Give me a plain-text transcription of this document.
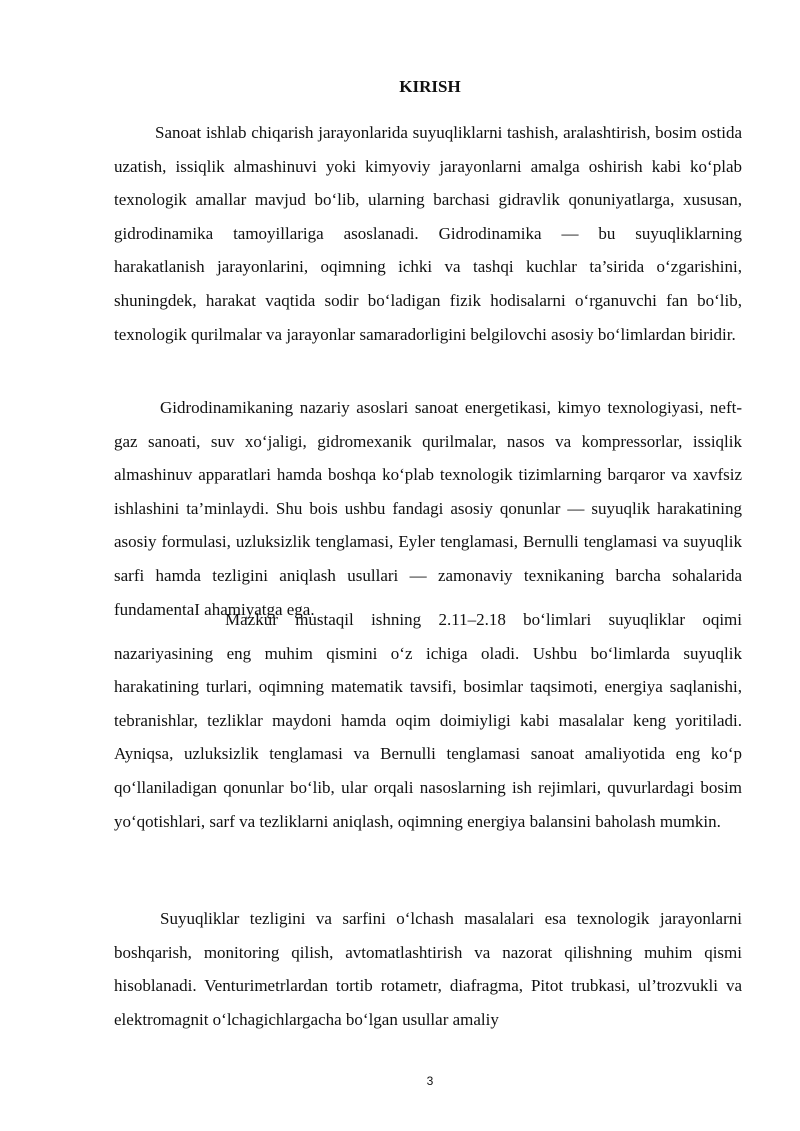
KIRISH

Sanoat ishlab chiqarish jarayonlarida suyuqliklarni tashish, aralashtirish, bosim ostida uzatish, issiqlik almashinuvi yoki kimyoviy jarayonlarni amalga oshirish kabi ko‘plab texnologik amallar mavjud bo‘lib, ularning barchasi gidravlik qonuniyatlarga, xususan, gidrodinamika tamoyillariga asoslanadi. Gidrodinamika — bu suyuqliklarning harakatlanish jarayonlarini, oqimning ichki va tashqi kuchlar ta’sirida o‘zgarishini, shuningdek, harakat vaqtida sodir bo‘ladigan fizik hodisalarni o‘rganuvchi fan bo‘lib, texnologik qurilmalar va jarayonlar samaradorligini belgilovchi asosiy bo‘limlardan biridir.

Gidrodinamikaning nazariy asoslari sanoat energetikasi, kimyo texnologiyasi, neft-gaz sanoati, suv xo‘jaligi, gidromexanik qurilmalar, nasos va kompressorlar, issiqlik almashinuv apparatlari hamda boshqa ko‘plab texnologik tizimlarning barqaror va xavfsiz ishlashini ta’minlaydi. Shu bois ushbu fandagi asosiy qonunlar — suyuqlik harakatining asosiy formulasi, uzluksizlik tenglamasi, Eyler tenglamasi, Bernulli tenglamasi va suyuqlik sarfi hamda tezligini aniqlash usullari — zamonaviy texnikaning barcha sohalarida fundamentaI ahamiyatga ega.

Mazkur mustaqil ishning 2.11–2.18 bo‘limlari suyuqliklar oqimi nazariyasining eng muhim qismini o‘z ichiga oladi. Ushbu bo‘limlarda suyuqlik harakatining turlari, oqimning matematik tavsifi, bosimlar taqsimoti, energiya saqlanishi, tebranishlar, tezliklar maydoni hamda oqim doimiyligi kabi masalalar keng yoritiladi. Ayniqsa, uzluksizlik tenglamasi va Bernulli tenglamasi sanoat amaliyotida eng ko‘p qo‘llaniladigan qonunlar bo‘lib, ular orqali nasoslarning ish rejimlari, quvurlardagi bosim yo‘qotishlari, sarf va tezliklarni aniqlash, oqimning energiya balansini baholash mumkin.

Suyuqliklar tezligini va sarfini o‘lchash masalalari esa texnologik jarayonlarni boshqarish, monitoring qilish, avtomatlashtirish va nazorat qilishning muhim qismi hisoblanadi. Venturimetrlardan tortib rotametr, diafragma, Pitot trubkasi, ul’trozvukli va elektromagnit o‘lchagichlargacha bo‘lgan usullar amaliy

3
